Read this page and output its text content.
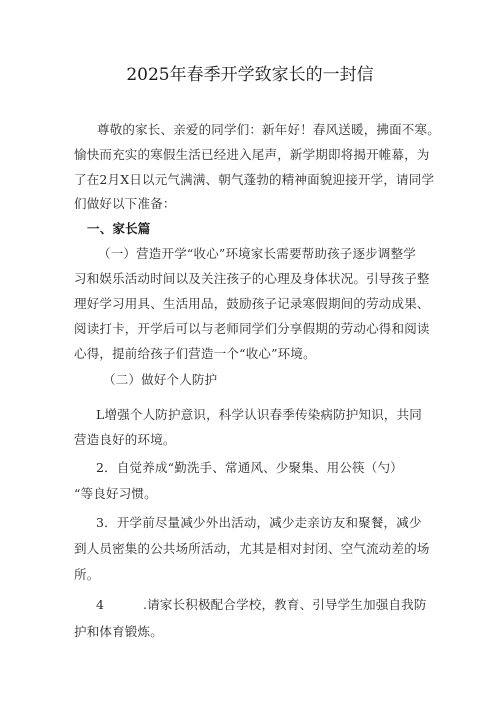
2025年春季开学致家长的一封信
尊敬的家长、亲爱的同学们：新年好！春风送暖，拂面不寒。
愉快而充实的寒假生活已经进入尾声，新学期即将揭开帷幕，为
了在2月X日以元气满满、朝气蓬勃的精神面貌迎接开学，请同学
们做好以下准备：
一、家长篇
（一）营造开学“收心”环境家长需要帮助孩子逐步调整学
习和娱乐活动时间以及关注孩子的心理及身体状况。引导孩子整
理好学习用具、生活用品，鼓励孩子记录寒假期间的劳动成果、
阅读打卡，开学后可以与老师同学们分享假期的劳动心得和阅读
心得，提前给孩子们营造一个“收心”环境。
（二）做好个人防护
L增强个人防护意识，科学认识春季传染病防护知识，共同
营造良好的环境。
2．自觉养成“勤洗手、常通风、少聚集、用公筷（勺）
“等良好习惯。
3．开学前尽量减少外出活动，减少走亲访友和聚餐，减少
到人员密集的公共场所活动，尤其是相对封闭、空气流动差的场
所。
4	.请家长积极配合学校，教育、引导学生加强自我防
护和体育锻炼。
